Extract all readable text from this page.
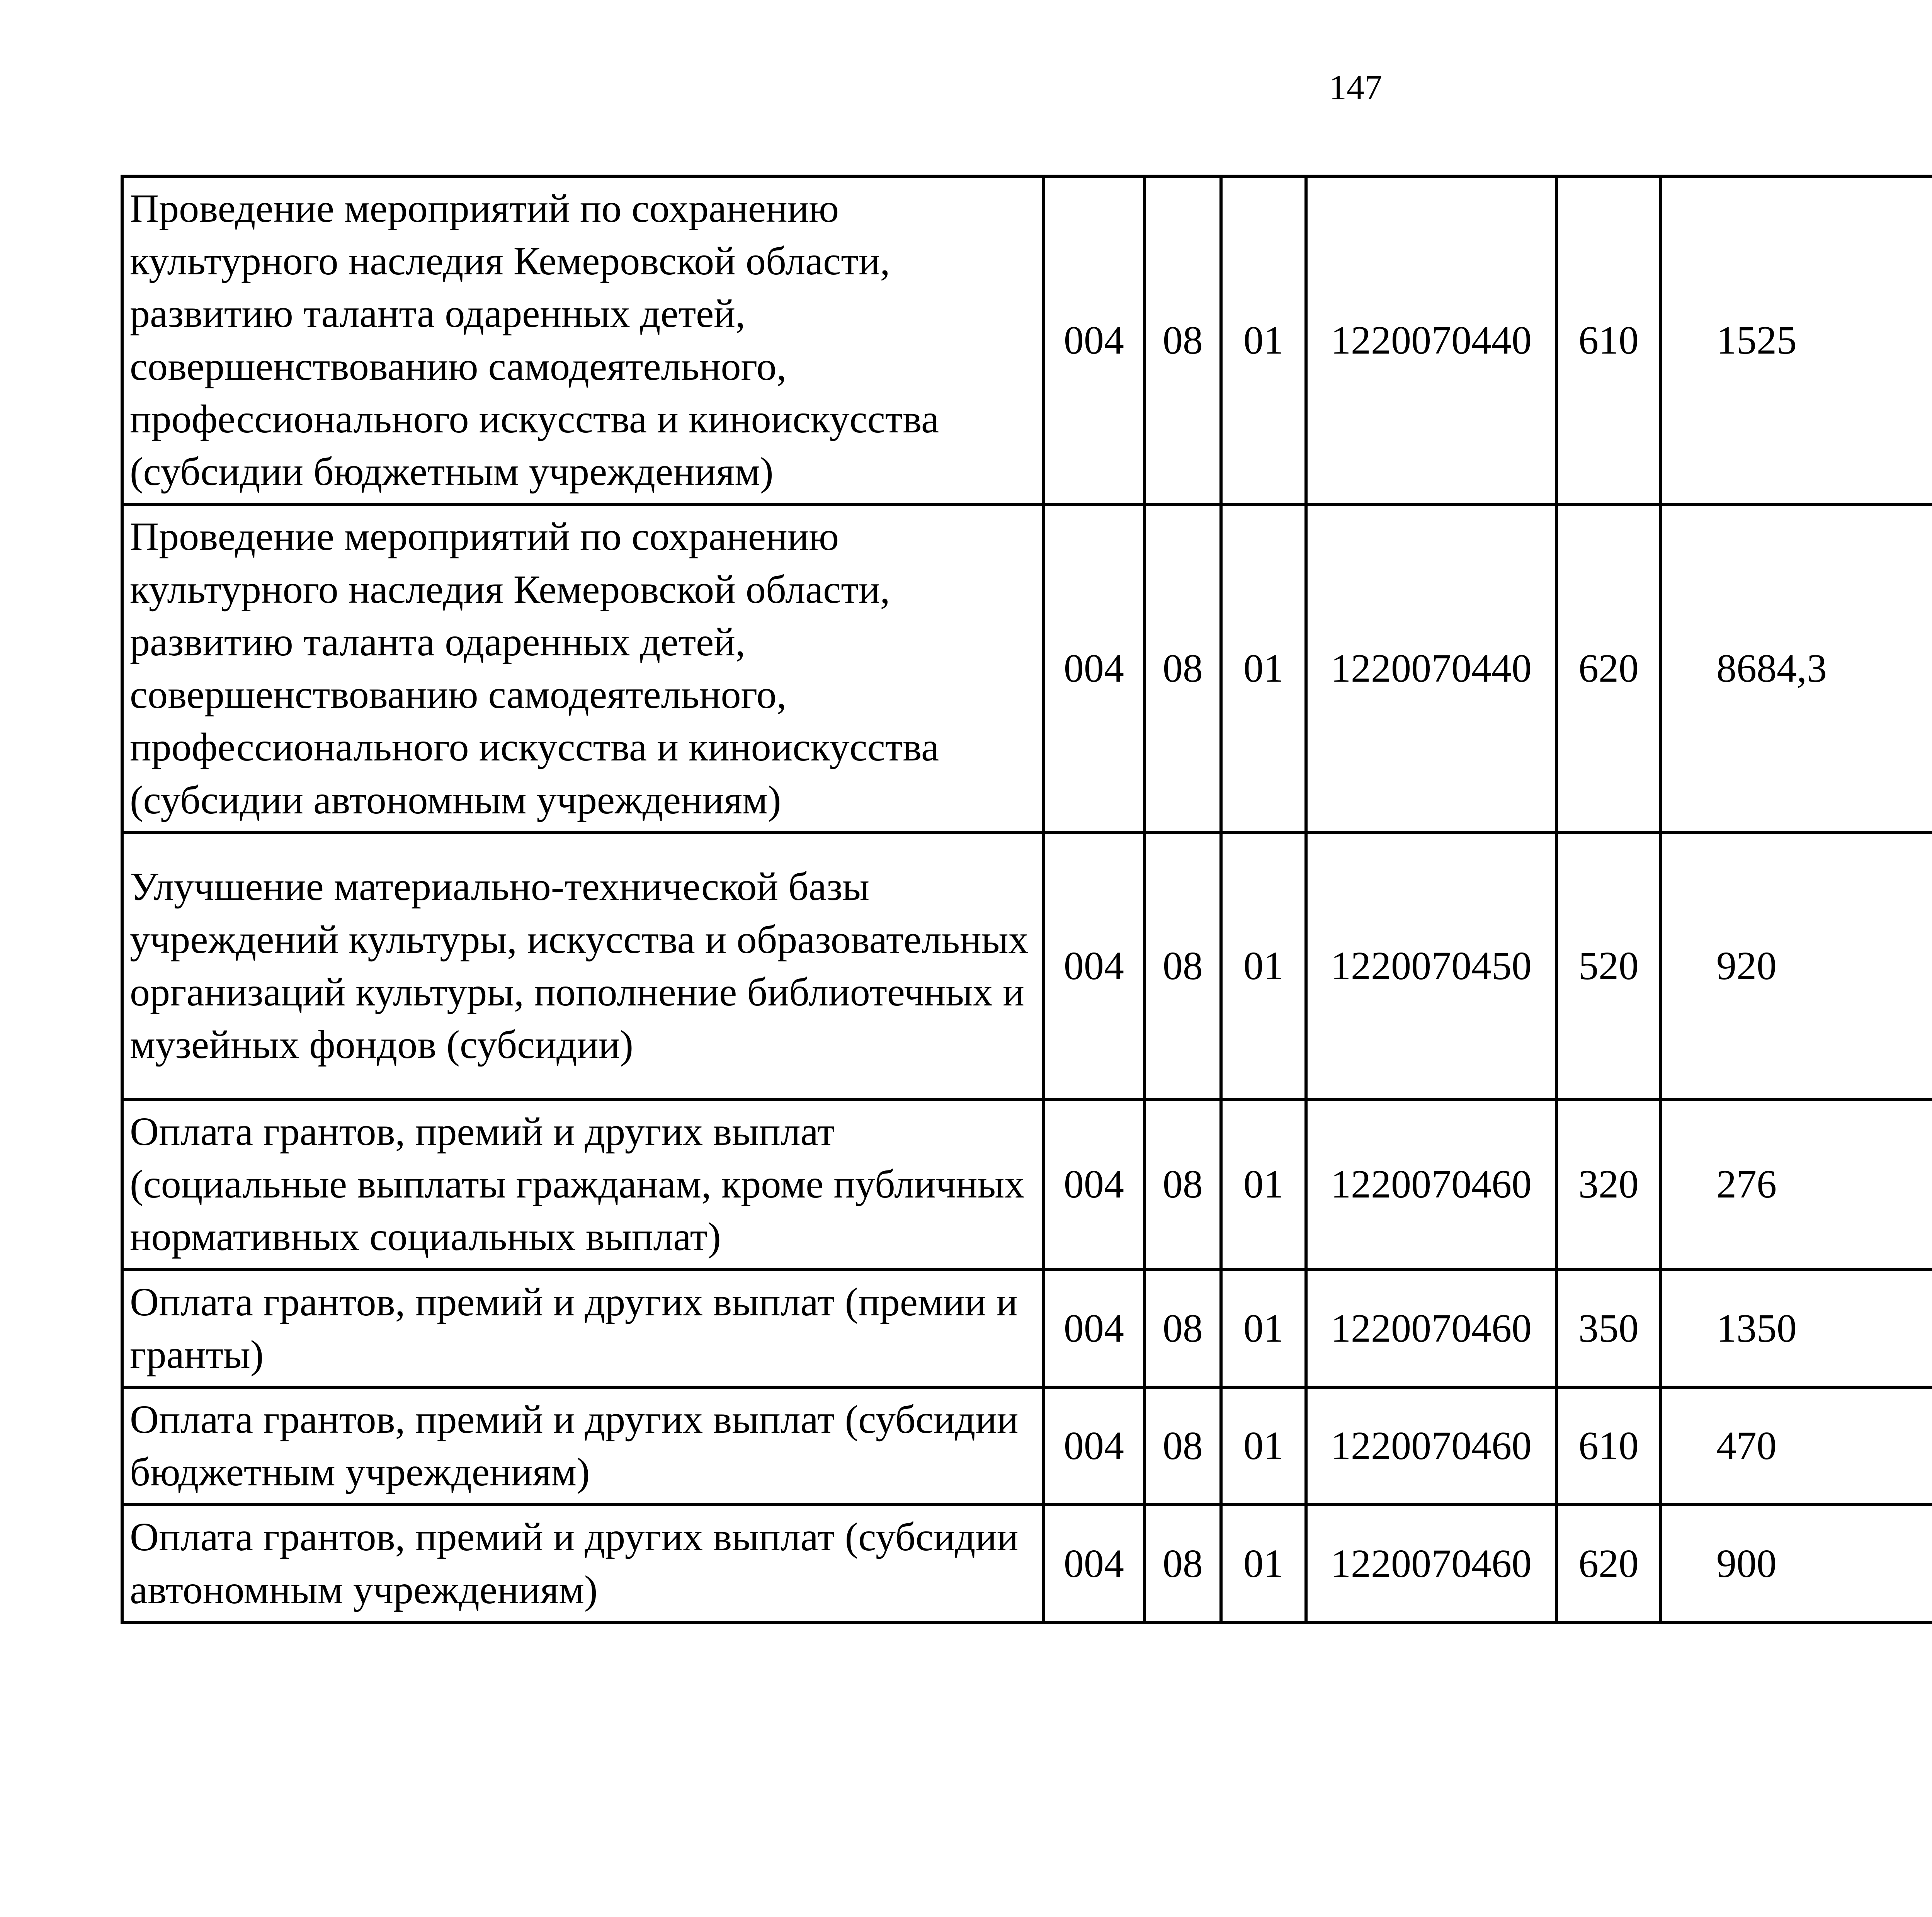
147
Проведение мероприятий по сохранению культурного наследия Кемеровской области, развитию таланта одаренных детей, совершенствованию самодеятельного, профессионального искусства и киноискусства (субсидии бюджетным учреждениям)	004	08	01	1220070440	610	1525		
Проведение мероприятий по сохранению культурного наследия Кемеровской области, развитию таланта одаренных детей, совершенствованию самодеятельного, профессионального искусства и киноискусства (субсидии автономным учреждениям)	004	08	01	1220070440	620	8684,3		
Улучшение материально-технической базы учреждений культуры, искусства и образовательных организаций культуры, пополнение библиотечных и музейных фондов (субсидии)	004	08	01	1220070450	520	920		
Оплата грантов, премий и других выплат (социальные выплаты гражданам, кроме публичных нормативных социальных выплат)	004	08	01	1220070460	320	276		
Оплата грантов, премий и других выплат (премии и гранты)	004	08	01	1220070460	350	1350		
Оплата грантов, премий и других выплат (субсидии бюджетным учреждениям)	004	08	01	1220070460	610	470		
Оплата грантов, премий и других выплат (субсидии автономным учреждениям)	004	08	01	1220070460	620	900		
